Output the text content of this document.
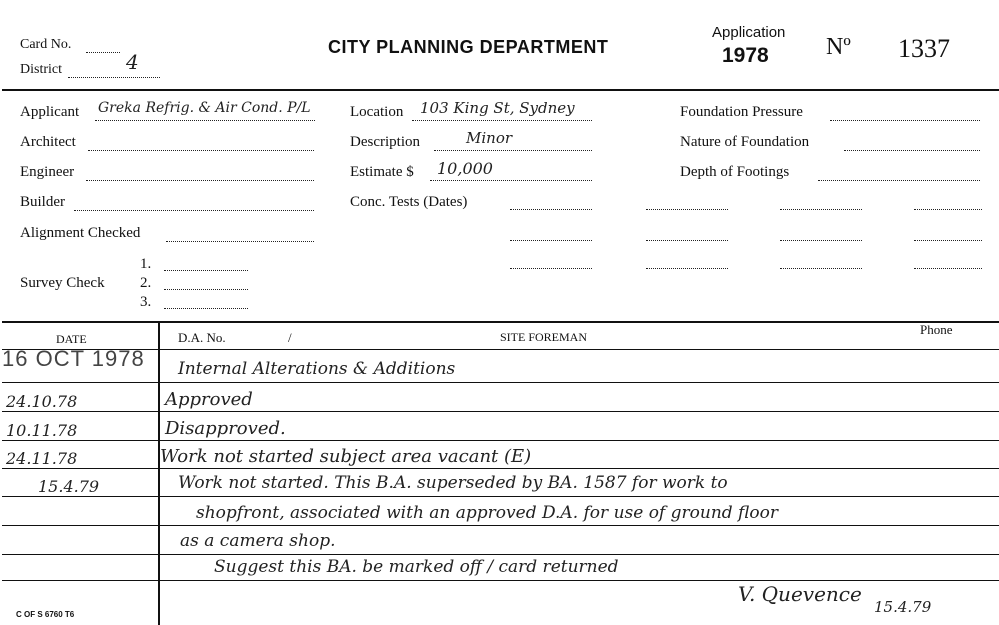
Card No.
District	4
CITY PLANNING DEPARTMENT
Application
1978 Nº 1337
Applicant Greka Refrig. & Air Cond. P/L
Architect
Engineer
Builder
Alignment Checked
Survey Check
1.
2.
3.
Location 103 King St, Sydney
Description	Minor
Estimate $ 10,000
Conc. Tests (Dates)
Foundation Pressure
Nature of Foundation
Depth of Footings
DATE	D.A. No.	/	SITE FOREMAN	Phone
16 OCT 1978 Internal Alterations & Additions
24.10.78	Approved
10.11.78	Disapproved.
24.11.78	Work not started subject area vacant (E)
15.4.79	Work not started. This B.A. superseded by BA. 1587 for work to
shopfront, associated with an approved D.A. for use of ground floor
as a camera shop.
Suggest this BA. be marked off / card returned
V. Quevence
15.4.79
C OF S 6760 T6
